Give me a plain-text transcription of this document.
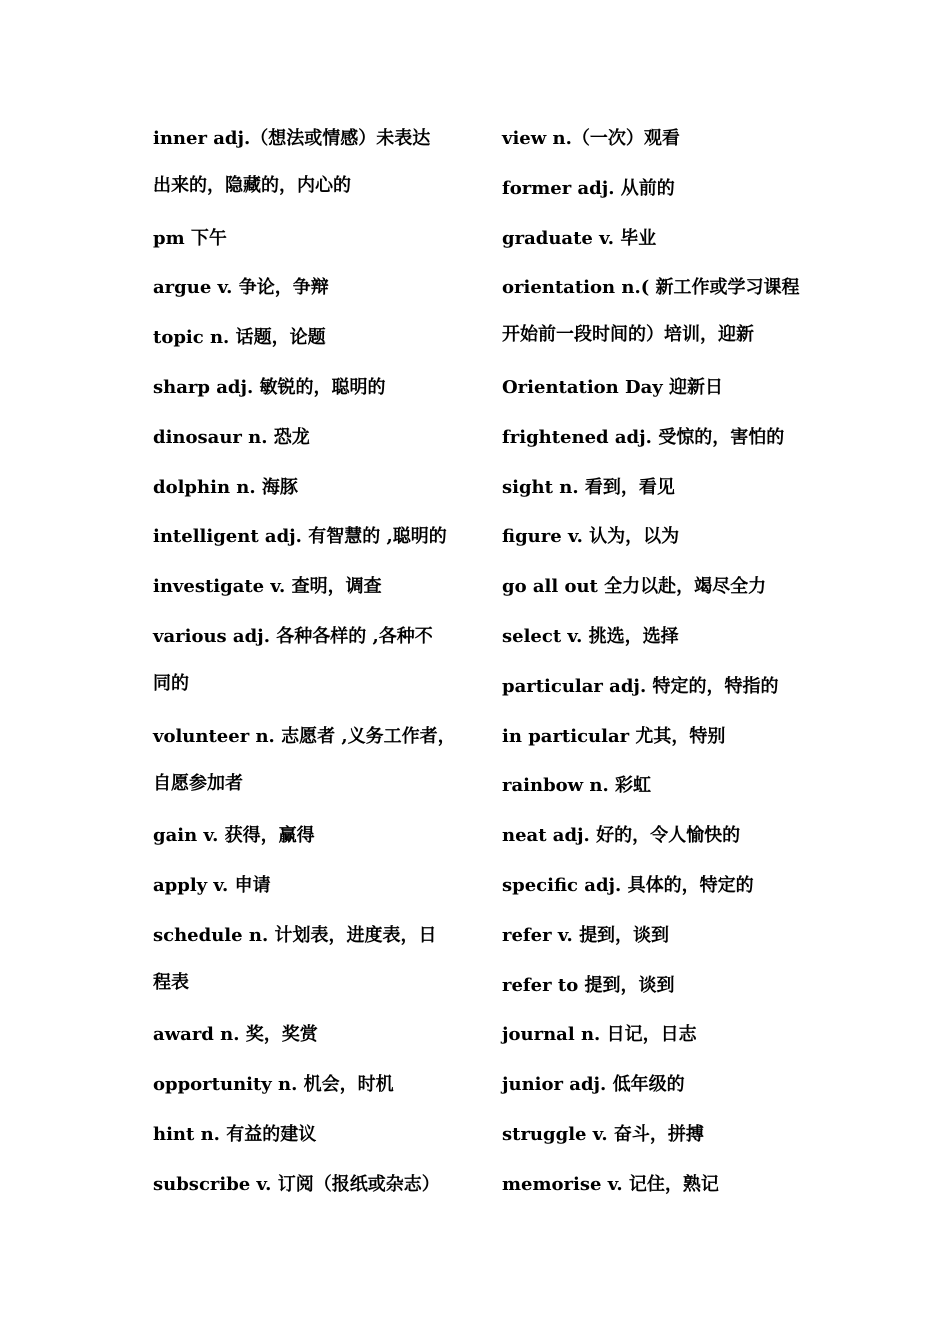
inner adj.（想法或情感）未表达
出来的，隐藏的，内心的
pm 下午
argue v. 争论，争辩
topic n. 话题，论题
sharp adj. 敏锐的，聪明的
dinosaur n. 恐龙
dolphin n. 海豚
intelligent adj. 有智慧的 ,聪明的
investigate v. 查明，调查
various adj. 各种各样的 ,各种不
同的
volunteer n. 志愿者 ,义务工作者，
自愿参加者
gain v. 获得，赢得
apply v. 申请
schedule n. 计划表，进度表，日
程表
award n. 奖，奖赏
opportunity n. 机会，时机
hint n. 有益的建议
subscribe v. 订阅（报纸或杂志）
view n.（一次）观看
former adj. 从前的
graduate v. 毕业
orientation n.( 新工作或学习课程
开始前一段时间的）培训，迎新
Orientation Day 迎新日
frightened adj. 受惊的，害怕的
sight n. 看到，看见
figure v. 认为，以为
go all out 全力以赴，竭尽全力
select v. 挑选，选择
particular adj. 特定的，特指的
in particular 尤其，特别
rainbow n. 彩虹
neat adj. 好的，令人愉快的
specific adj. 具体的，特定的
refer v. 提到，谈到
refer to 提到，谈到
journal n. 日记，日志
junior adj. 低年级的
struggle v. 奋斗，拼搏
memorise v. 记住，熟记
